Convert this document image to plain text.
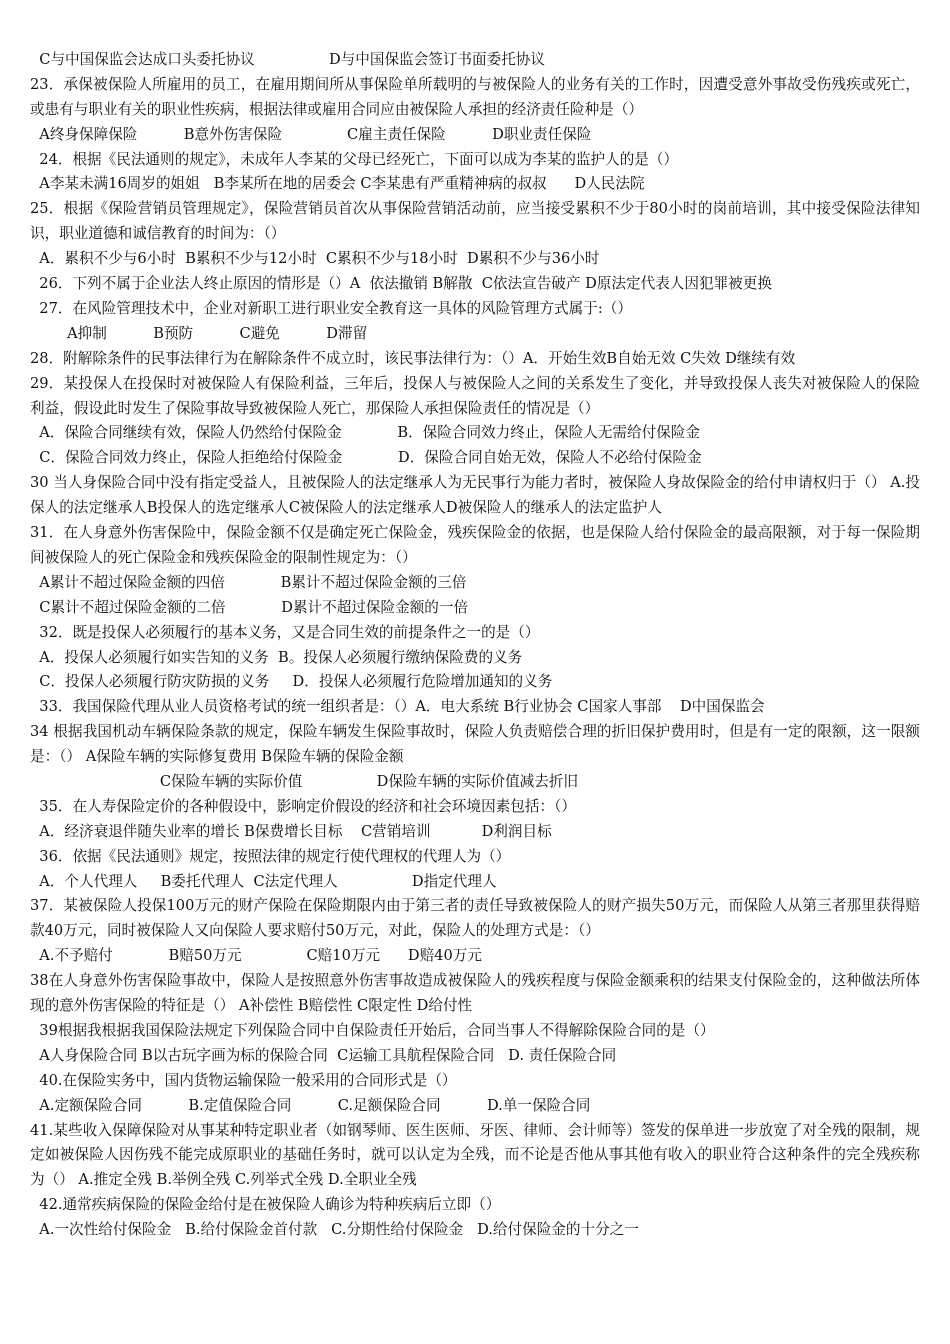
C与中国保监会达成口头委托协议                D与中国保监会签订书面委托协议
23．承保被保险人所雇用的员工，在雇用期间所从事保险单所载明的与被保险人的业务有关的工作时，因遭受意外事故受伤残疾或死亡，或患有与职业有关的职业性疾病，根据法律或雇用合同应由被保险人承担的经济责任险种是（）
A终身保障保险          B意外伤害保险              C雇主责任保险          D职业责任保险
24．根据《民法通则的规定》，未成年人李某的父母已经死亡，下面可以成为李某的监护人的是（）
A李某未满16周岁的姐姐   B李某所在地的居委会 C李某患有严重精神病的叔叔      D人民法院
25．根据《保险营销员管理规定》，保险营销员首次从事保险营销活动前，应当接受累积不少于80小时的岗前培训，其中接受保险法律知识，职业道德和诚信教育的时间为：（）
A．累积不少与6小时  B累积不少与12小时  C累积不少与18小时  D累积不少与36小时
26．下列不属于企业法人终止原因的情形是（）A  依法撤销 B解散  C依法宣告破产 D原法定代表人因犯罪被更换
27．在风险管理技术中，企业对新职工进行职业安全教育这一具体的风险管理方式属于:（）
A抑制          B预防          C避免          D滞留
28．附解除条件的民事法律行为在解除条件不成立时，该民事法律行为：（）A．开始生效B自始无效 C失效 D继续有效
29．某投保人在投保时对被保险人有保险利益，三年后，投保人与被保险人之间的关系发生了变化，并导致投保人丧失对被保险人的保险利益，假设此时发生了保险事故导致被保险人死亡，那保险人承担保险责任的情况是（）
A．保险合同继续有效，保险人仍然给付保险金            B．保险合同效力终止，保险人无需给付保险金
C．保险合同效力终止，保险人拒绝给付保险金            D．保险合同自始无效，保险人不必给付保险金
30 当人身保险合同中没有指定受益人，且被保险人的法定继承人为无民事行为能力者时，被保险人身故保险金的给付申请权归于（） A.投保人的法定继承人B投保人的选定继承人C被保险人的法定继承人D被保险人的继承人的法定监护人
31．在人身意外伤害保险中，保险金额不仅是确定死亡保险金，残疾保险金的依据，也是保险人给付保险金的最高限额，对于每一保险期间被保险人的死亡保险金和残疾保险金的限制性规定为：（）
A累计不超过保险金额的四倍            B累计不超过保险金额的三倍
C累计不超过保险金额的二倍            D累计不超过保险金额的一倍
32．既是投保人必须履行的基本义务，又是合同生效的前提条件之一的是（）
A．投保人必须履行如实告知的义务  B。投保人必须履行缴纳保险费的义务
C．投保人必须履行防灾防损的义务     D．投保人必须履行危险增加通知的义务
33．我国保险代理从业人员资格考试的统一组织者是：（）A．电大系统 B行业协会 C国家人事部    D中国保监会
34 根据我国机动车辆保险条款的规定，保险车辆发生保险事故时，保险人负责赔偿合理的折旧保护费用时，但是有一定的限额，这一限额是：（） A保险车辆的实际修复费用 B保险车辆的保险金额
C保险车辆的实际价值                D保险车辆的实际价值减去折旧
35．在人寿保险定价的各种假设中，影响定价假设的经济和社会环境因素包括：（）
A．经济衰退伴随失业率的增长 B保费增长目标    C营销培训           D利润目标
36．依据《民法通则》规定，按照法律的规定行使代理权的代理人为（）
A．个人代理人     B委托代理人  C法定代理人                D指定代理人
37．某被保险人投保100万元的财产保险在保险期限内由于第三者的责任导致被保险人的财产损失50万元，而保险人从第三者那里获得赔款40万元，同时被保险人又向保险人要求赔付50万元，对此，保险人的处理方式是：（）
A.不予赔付            B赔50万元              C赔10万元      D赔40万元
38在人身意外伤害保险事故中，保险人是按照意外伤害事故造成被保险人的残疾程度与保险金额乘积的结果支付保险金的，这种做法所体现的意外伤害保险的特征是（） A补偿性 B赔偿性 C限定性 D给付性
39根据我根据我国保险法规定下列保险合同中自保险责任开始后，合同当事人不得解除保险合同的是（）
A人身保险合同 B以古玩字画为标的保险合同  C运输工具航程保险合同   D. 责任保险合同
40.在保险实务中，国内货物运输保险一般采用的合同形式是（）
A.定额保险合同          B.定值保险合同          C.足额保险合同          D.单一保险合同
41.某些收入保障保险对从事某种特定职业者（如钢琴师、医生医师、牙医、律师、会计师等）签发的保单进一步放宽了对全残的限制，规定如被保险人因伤残不能完成原职业的基础任务时，就可以认定为全残，而不论是否他从事其他有收入的职业符合这种条件的完全残疾称为（） A.推定全残 B.举例全残 C.列举式全残 D.全职业全残
42.通常疾病保险的保险金给付是在被保险人确诊为特种疾病后立即（）
A.一次性给付保险金   B.给付保险金首付款   C.分期性给付保险金   D.给付保险金的十分之一
